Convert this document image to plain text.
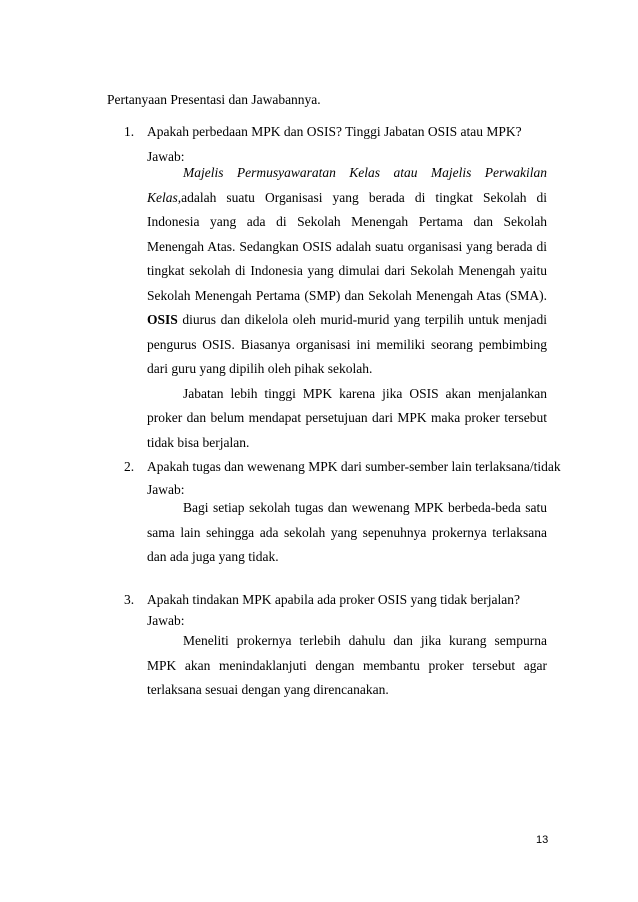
Pertanyaan Presentasi dan Jawabannya.
1. Apakah perbedaan MPK dan OSIS? Tinggi Jabatan OSIS atau MPK?
Jawab:

Majelis Permusyawaratan Kelas atau Majelis Perwakilan Kelas,adalah suatu Organisasi yang berada di tingkat Sekolah di Indonesia yang ada di Sekolah Menengah Pertama dan Sekolah Menengah Atas. Sedangkan OSIS adalah suatu organisasi yang berada di tingkat sekolah di Indonesia yang dimulai dari Sekolah Menengah yaitu Sekolah Menengah Pertama (SMP) dan Sekolah Menengah Atas (SMA). OSIS diurus dan dikelola oleh murid-murid yang terpilih untuk menjadi pengurus OSIS. Biasanya organisasi ini memiliki seorang pembimbing dari guru yang dipilih oleh pihak sekolah.

Jabatan lebih tinggi MPK karena jika OSIS akan menjalankan proker dan belum mendapat persetujuan dari MPK maka proker tersebut tidak bisa berjalan.

2. Apakah tugas dan wewenang MPK dari sumber-sember lain terlaksana/tidak
Jawab:

Bagi setiap sekolah tugas dan wewenang MPK berbeda-beda satu sama lain sehingga ada sekolah yang sepenuhnya prokernya terlaksana dan ada juga yang tidak.

3. Apakah tindakan MPK apabila ada proker OSIS yang tidak berjalan?
Jawab:

Meneliti prokernya terlebih dahulu dan jika kurang sempurna MPK akan menindaklanjuti dengan membantu proker tersebut agar terlaksana sesuai dengan yang direncanakan.

13
